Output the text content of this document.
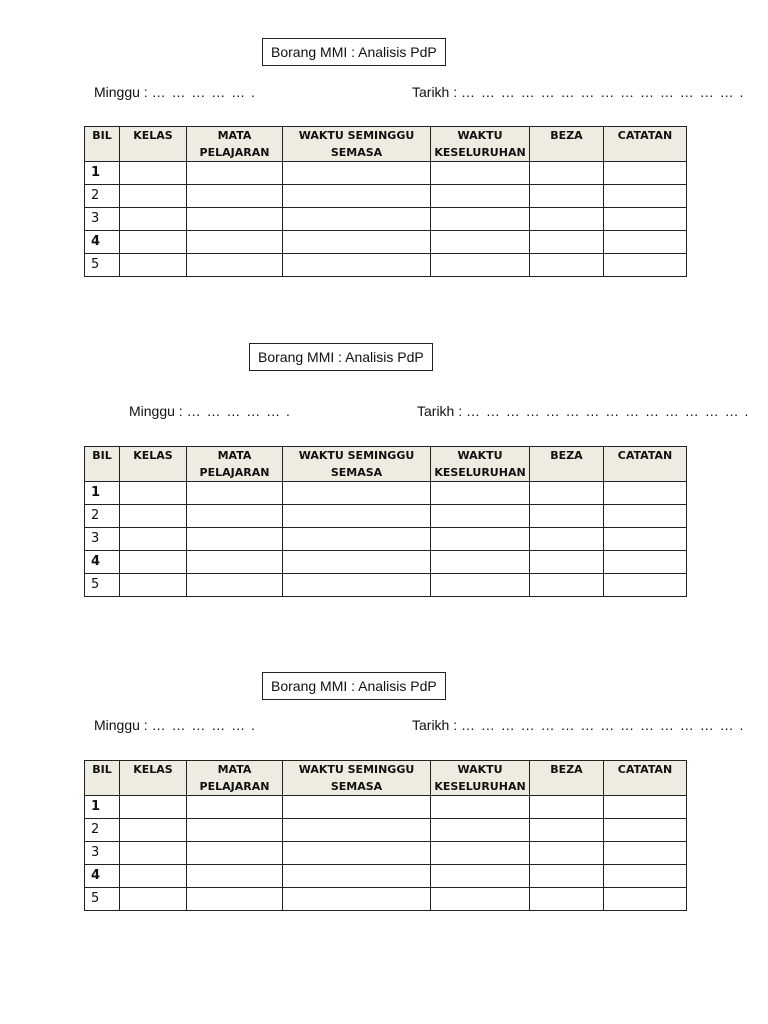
Borang MMI : Analisis PdP
Minggu : … … … … … .	Tarikh : … … … … … … … … … … … … … … .
BIL	KELAS	MATA PELAJARAN	WAKTU SEMINGGU SEMASA	WAKTU KESELURUHAN	BEZA	CATATAN
1						
2						
3						
4						
5						
Borang MMI : Analisis PdP
Minggu : … … … … … .	Tarikh : … … … … … … … … … … … … … … .
BIL	KELAS	MATA PELAJARAN	WAKTU SEMINGGU SEMASA	WAKTU KESELURUHAN	BEZA	CATATAN
1						
2						
3						
4						
5						
Borang MMI : Analisis PdP
Minggu : … … … … … .	Tarikh : … … … … … … … … … … … … … … .
BIL	KELAS	MATA PELAJARAN	WAKTU SEMINGGU SEMASA	WAKTU KESELURUHAN	BEZA	CATATAN
1						
2						
3						
4						
5						
